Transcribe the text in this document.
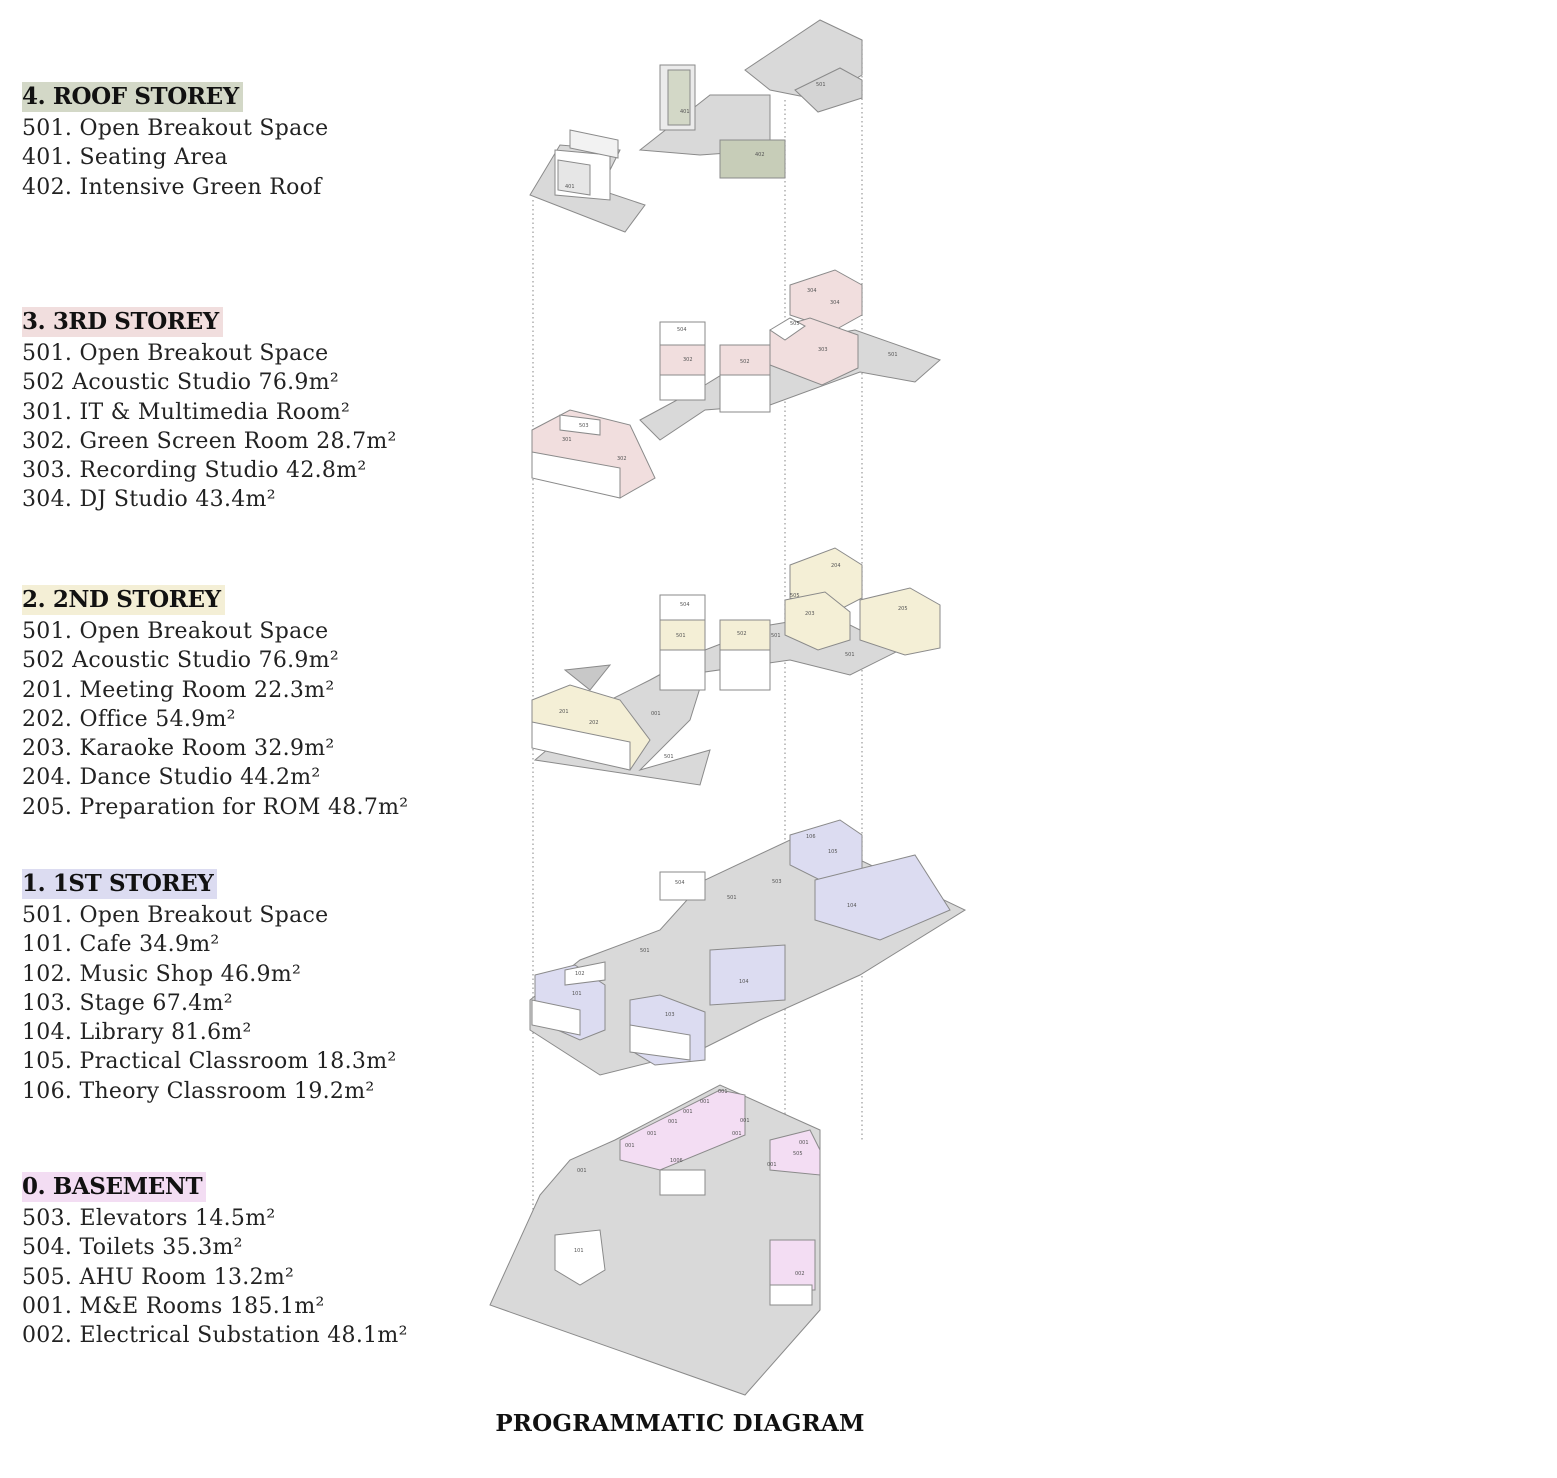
4. ROOF STOREY
501. Open Breakout Space
401. Seating Area
402. Intensive Green Roof
3. 3RD STOREY
501. Open Breakout Space
502 Acoustic Studio 76.9m²
301. IT & Multimedia Room²
302. Green Screen Room 28.7m²
303. Recording Studio 42.8m²
304. DJ Studio 43.4m²
2. 2ND STOREY
501. Open Breakout Space
502 Acoustic Studio 76.9m²
201. Meeting Room 22.3m²
202. Office 54.9m²
203. Karaoke Room 32.9m²
204. Dance Studio 44.2m²
205. Preparation for ROM 48.7m²
1. 1ST STOREY
501. Open Breakout Space
101. Cafe 34.9m²
102. Music Shop 46.9m²
103. Stage 67.4m²
104. Library 81.6m²
105. Practical Classroom 18.3m²
106. Theory Classroom 19.2m²
0. BASEMENT
503. Elevators 14.5m²
504. Toilets 35.3m²
505. AHU Room 13.2m²
001. M&E Rooms 185.1m²
002. Electrical Substation 48.1m²
501
401
402
401
504
302	502
304
304
505
303
501
301
503
302
504
501	502
204
505
203
205
501
501
201
202
001
501
504
501
106
105
503
104
501
102
104
101
103
001
001
001
001
001
001	001
001
1006
001
505
001
001
101
002
PROGRAMMATIC DIAGRAM
